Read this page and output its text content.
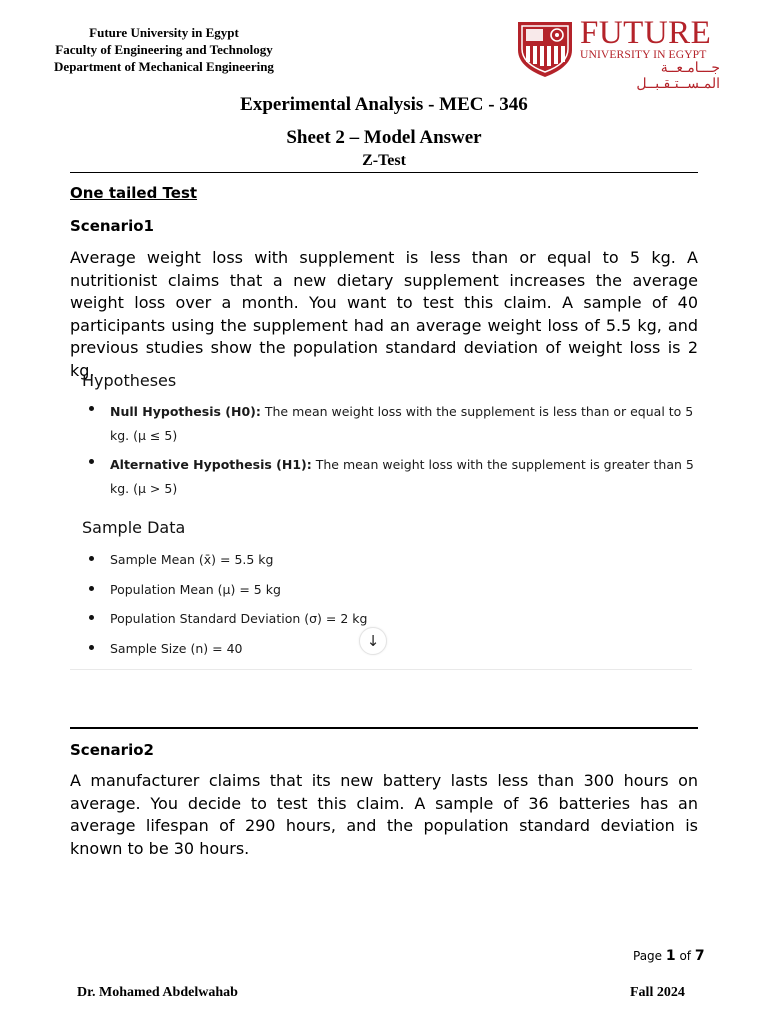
Future University in Egypt
Faculty of Engineering and Technology
Department of Mechanical Engineering
FUTURE
UNIVERSITY IN EGYPT
جـــامـعــة المـســتـقـبــل
Experimental Analysis - MEC - 346
Sheet 2 – Model Answer
Z-Test
One tailed Test
Scenario1
Average weight loss with supplement is less than or equal to 5 kg. A nutritionist claims that a new dietary supplement increases the average weight loss over a month. You want to test this claim. A sample of 40 participants using the supplement had an average weight loss of 5.5 kg, and previous studies show the population standard deviation of weight loss is 2 kg.
Hypotheses
Null Hypothesis (H0): The mean weight loss with the supplement is less than or equal to 5 kg. (μ ≤ 5)
Alternative Hypothesis (H1): The mean weight loss with the supplement is greater than 5 kg. (μ > 5)
Sample Data
Sample Mean (x̄) = 5.5 kg
Population Mean (μ) = 5 kg
Population Standard Deviation (σ) = 2 kg
Sample Size (n) = 40	↓
Scenario2
A manufacturer claims that its new battery lasts less than 300 hours on average. You decide to test this claim. A sample of 36 batteries has an average lifespan of 290 hours, and the population standard deviation is known to be 30 hours.
Page 1 of 7
Dr. Mohamed Abdelwahab	Fall 2024
